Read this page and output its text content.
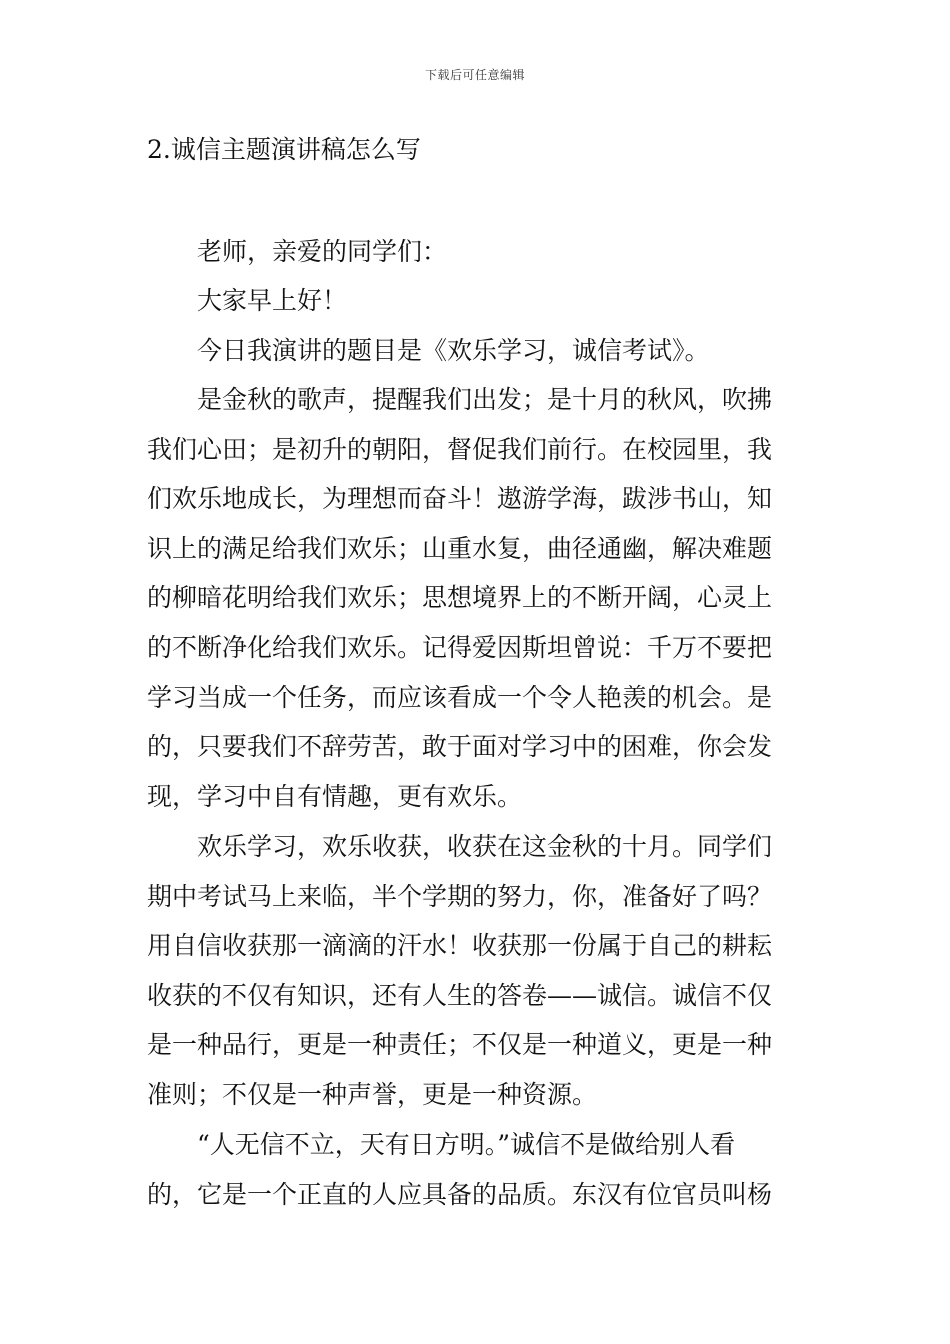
下载后可任意编辑
2.诚信主题演讲稿怎么写
老师，亲爱的同学们：
大家早上好！
今日我演讲的题目是《欢乐学习，诚信考试》。
是金秋的歌声，提醒我们出发；是十月的秋风，吹拂
我们心田；是初升的朝阳，督促我们前行。在校园里，我
们欢乐地成长，为理想而奋斗！遨游学海，跋涉书山，知
识上的满足给我们欢乐；山重水复，曲径通幽，解决难题
的柳暗花明给我们欢乐；思想境界上的不断开阔，心灵上
的不断净化给我们欢乐。记得爱因斯坦曾说：千万不要把
学习当成一个任务，而应该看成一个令人艳羡的机会。是
的，只要我们不辞劳苦，敢于面对学习中的困难，你会发
现，学习中自有情趣，更有欢乐。
欢乐学习，欢乐收获，收获在这金秋的十月。同学们
期中考试马上来临，半个学期的努力，你，准备好了吗？
用自信收获那一滴滴的汗水！收获那一份属于自己的耕耘
收获的不仅有知识，还有人生的答卷——诚信。诚信不仅
是一种品行，更是一种责任；不仅是一种道义，更是一种
准则；不仅是一种声誉，更是一种资源。
“人无信不立，天有日方明。”诚信不是做给别人看
的，它是一个正直的人应具备的品质。东汉有位官员叫杨
